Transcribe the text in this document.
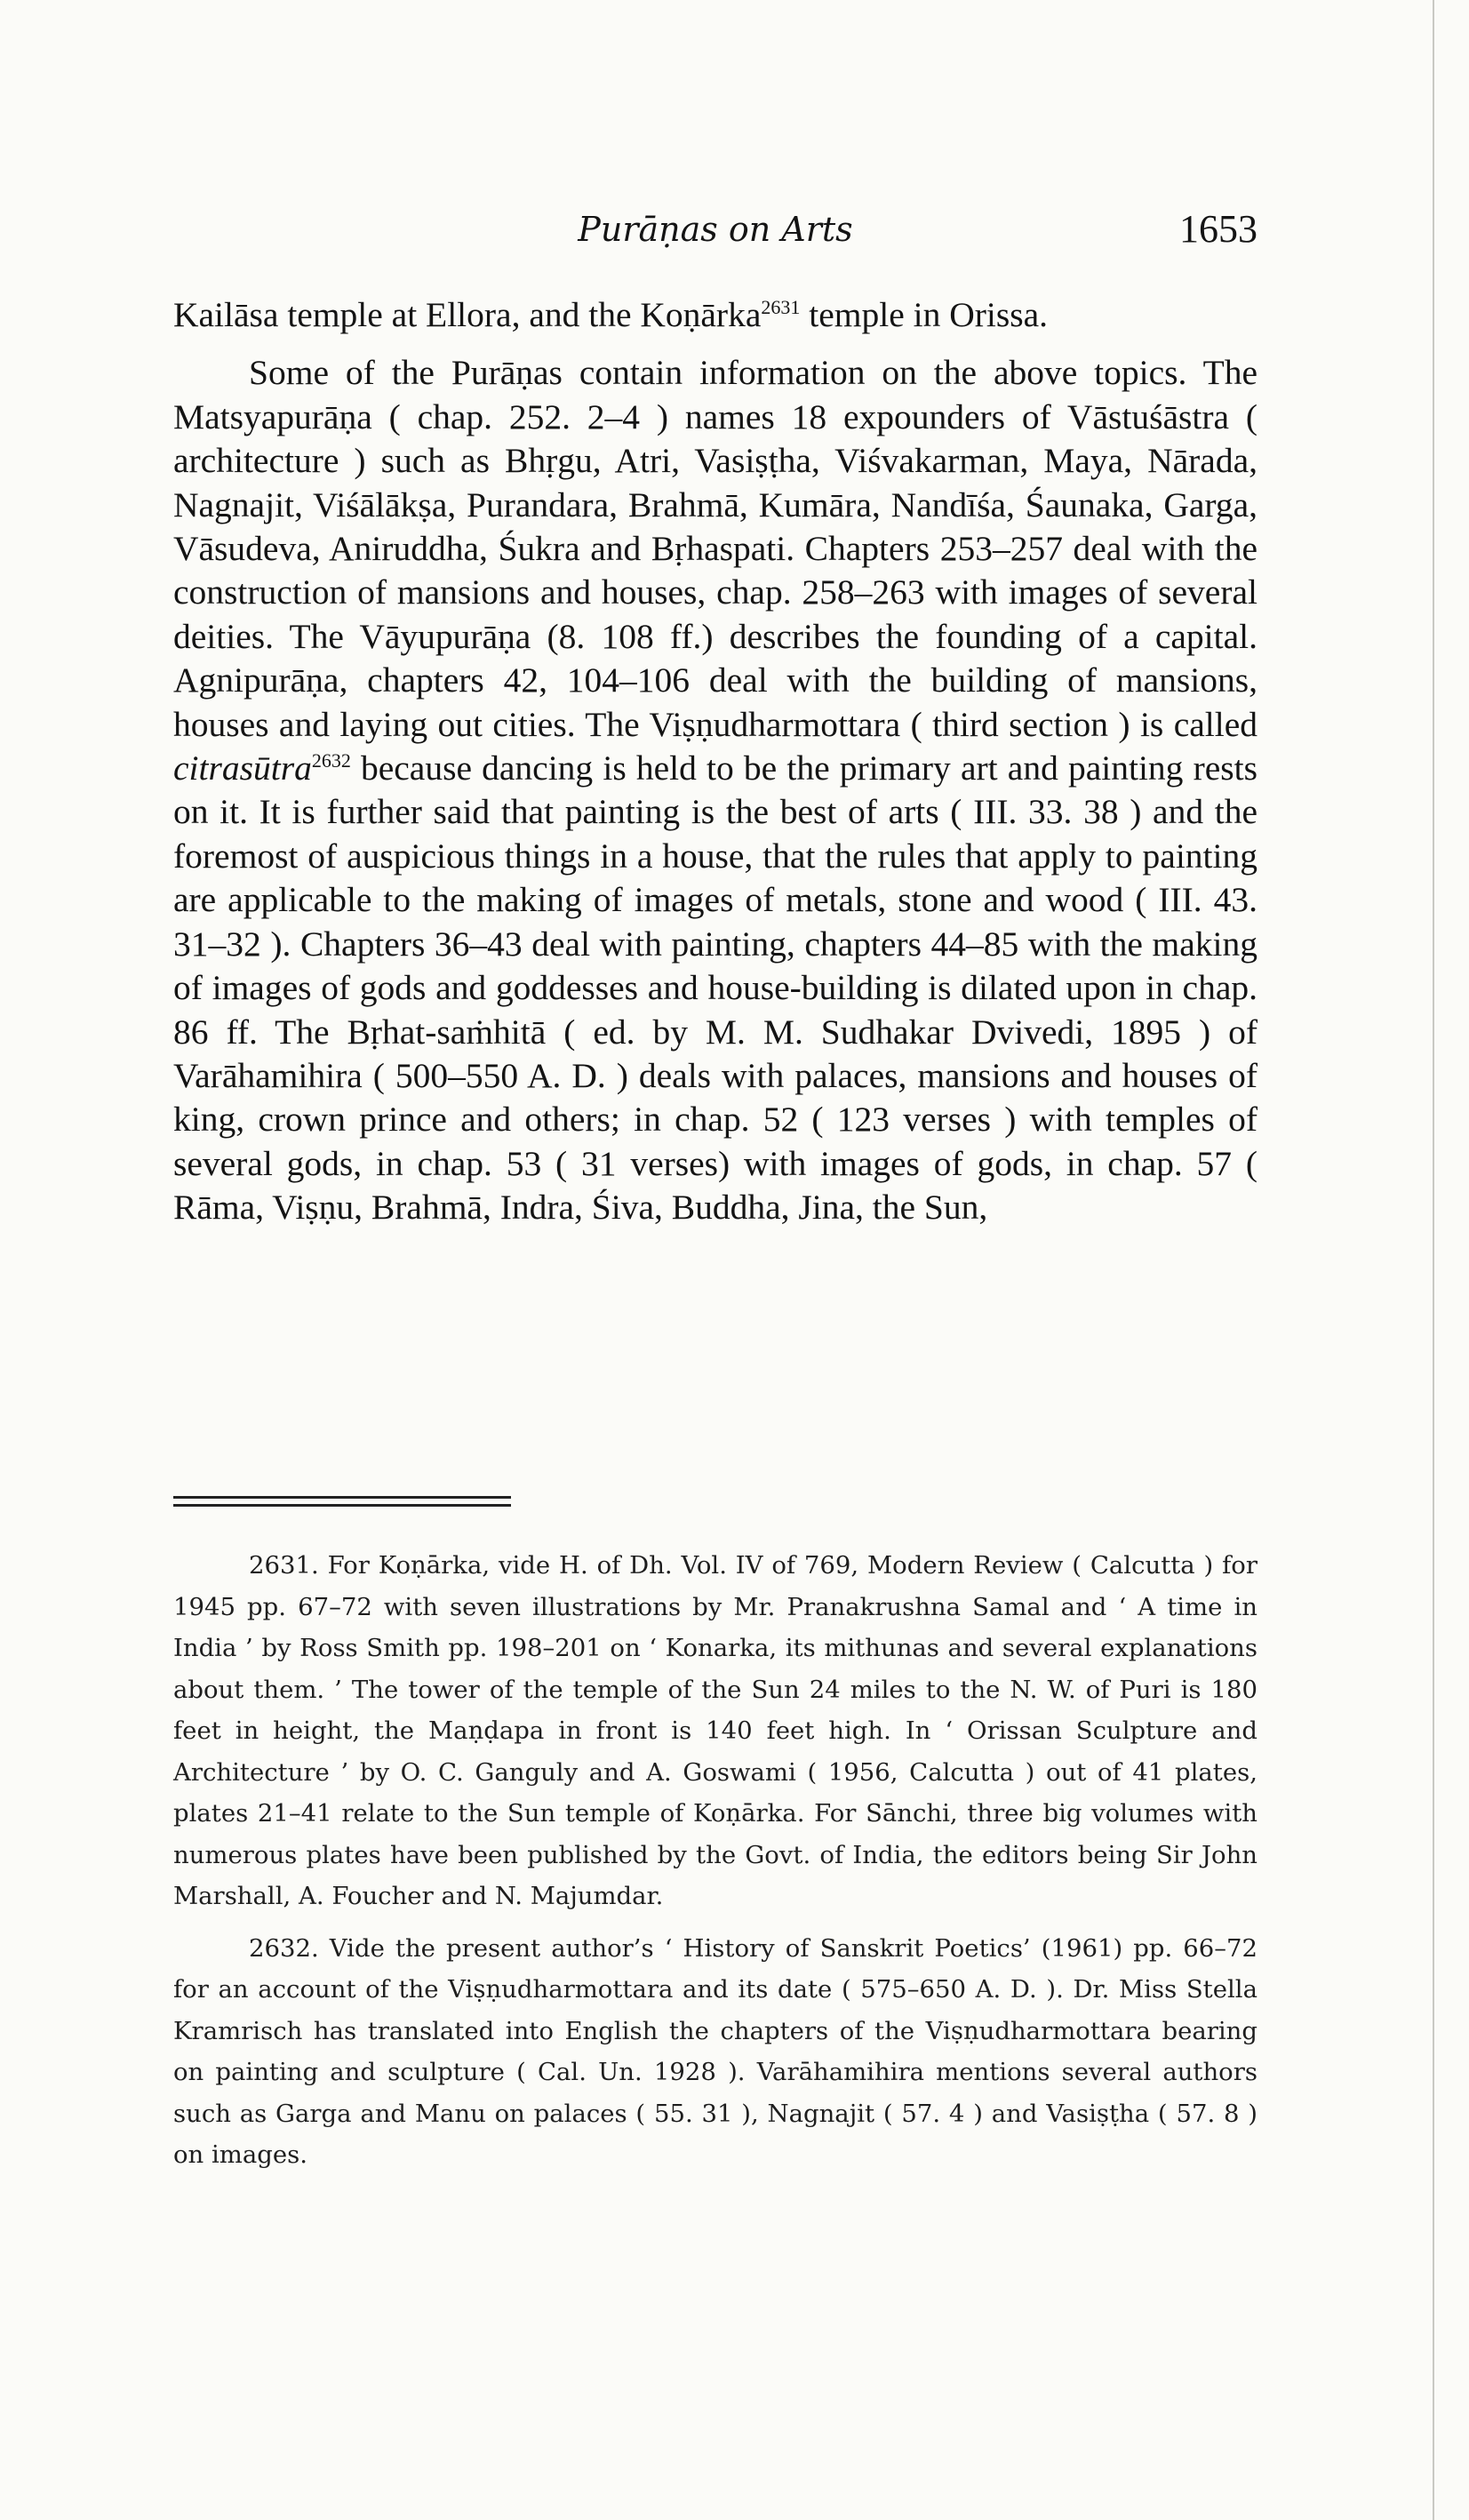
Purāṇas on Arts	1653

Kailāsa temple at Ellora, and the Koṇārka$^{2631}$ temple in Orissa.

Some of the Purāṇas contain information on the above topics. The Matsyapurāṇa ( chap. 252. 2–4 ) names 18 expounders of Vāstuśāstra ( architecture ) such as Bhṛgu, Atri, Vasiṣṭha, Viśvakarman, Maya, Nārada, Nagnajit, Viśālākṣa, Purandara, Brahmā, Kumāra, Nandīśa, Śaunaka, Garga, Vāsudeva, Aniruddha, Śukra and Bṛhaspati. Chapters 253–257 deal with the construction of mansions and houses, chap. 258–263 with images of several deities. The Vāyupurāṇa (8. 108 ff.) describes the founding of a capital. Agnipurāṇa, chapters 42, 104–106 deal with the building of mansions, houses and laying out cities. The Viṣṇudharmottara ( third section ) is called citrasūtra$^{2632}$ because dancing is held to be the primary art and painting rests on it. It is further said that painting is the best of arts ( III. 33. 38 ) and the foremost of auspicious things in a house, that the rules that apply to painting are applicable to the making of images of metals, stone and wood ( III. 43. 31–32 ). Chapters 36–43 deal with painting, chapters 44–85 with the making of images of gods and goddesses and house-building is dilated upon in chap. 86 ff. The Bṛhat-saṁhitā ( ed. by M. M. Sudhakar Dvivedi, 1895 ) of Varāhamihira ( 500–550 A. D. ) deals with palaces, mansions and houses of king, crown prince and others; in chap. 52 ( 123 verses ) with temples of several gods, in chap. 53 ( 31 verses) with images of gods, in chap. 57 ( Rāma, Viṣṇu, Brahmā, Indra, Śiva, Buddha, Jina, the Sun,

2631. For Koṇārka, vide H. of Dh. Vol. IV of 769, Modern Review ( Calcutta ) for 1945 pp. 67–72 with seven illustrations by Mr. Pranakrushna Samal and ‘ A time in India ’ by Ross Smith pp. 198–201 on ‘ Konarka, its mithunas and several explanations about them. ’ The tower of the temple of the Sun 24 miles to the N. W. of Puri is 180 feet in height, the Maṇḍapa in front is 140 feet high. In ‘ Orissan Sculpture and Architecture ’ by O. C. Ganguly and A. Goswami ( 1956, Calcutta ) out of 41 plates, plates 21–41 relate to the Sun temple of Koṇārka. For Sānchi, three big volumes with numerous plates have been published by the Govt. of India, the editors being Sir John Marshall, A. Foucher and N. Majumdar.

2632. Vide the present author’s ‘ History of Sanskrit Poetics’ (1961) pp. 66–72 for an account of the Viṣṇudharmottara and its date ( 575–650 A. D. ). Dr. Miss Stella Kramrisch has translated into English the chapters of the Viṣṇudharmottara bearing on painting and sculpture ( Cal. Un. 1928 ). Varāhamihira mentions several authors such as Garga and Manu on palaces ( 55. 31 ), Nagnajit ( 57. 4 ) and Vasiṣṭha ( 57. 8 ) on images.
